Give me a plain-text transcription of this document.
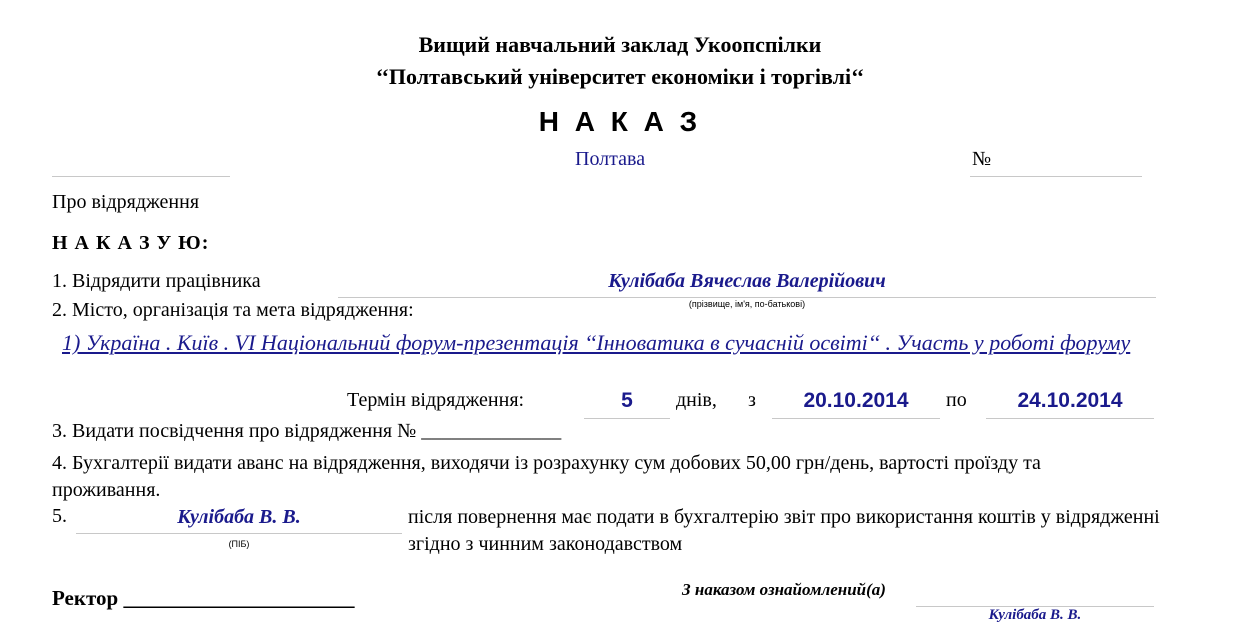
Вищий навчальний заклад Укоопспілки
‘‘Полтавський університет економіки і торгівлі‘‘
Н А К А З
Полтава	№
Про відрядження
Н А К А З У Ю:
1. Відрядити працівника	Кулібаба Вячеслав Валерійович
(прізвище, ім'я, по-батькові)
2. Місто, організація та мета відрядження:
1) Україна . Київ . VI Національний форум-презентація ‘‘Інноватика в сучасній освіті‘‘ . Участь у роботі форуму
Термін відрядження:	5	днів, з	20.10.2014	по	24.10.2014
3. Видати посвідчення про відрядження № ______________
4. Бухгалтерії видати аванс на відрядження, виходячи із розрахунку сум добових 50,00 грн/день, вартості проїзду та проживання.
5.	Кулібаба В. В.
(ПІБ)
після повернення має подати в бухгалтерію звіт про використання коштів у відрядженні згідно з чинним законодавством
Ректор ______________________	З наказом ознайомлений(а)
Кулібаба В. В.
